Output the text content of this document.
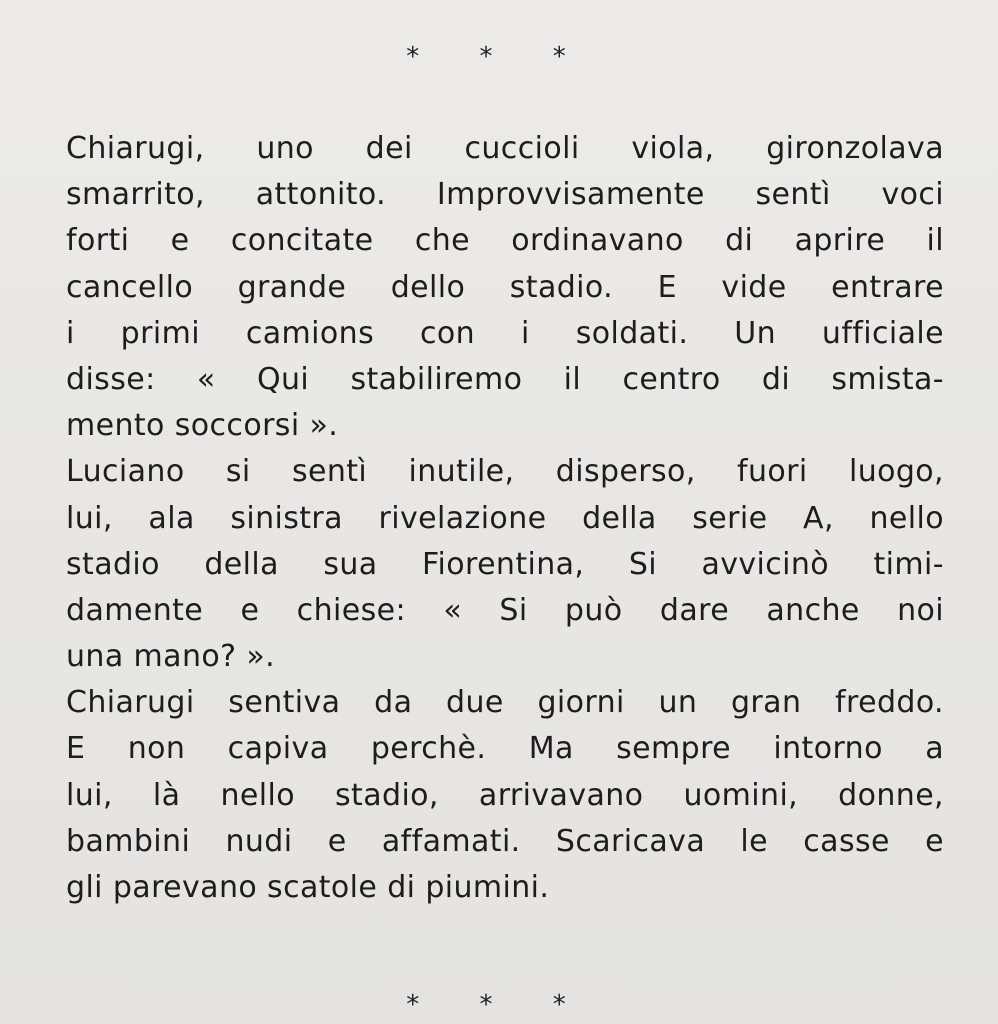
* * *
Chiarugi, uno dei cuccioli viola, gironzolava
smarrito, attonito. Improvvisamente sentì voci
forti e concitate che ordinavano di aprire il
cancello grande dello stadio. E vide entrare
i primi camions con i soldati. Un ufficiale
disse: « Qui stabiliremo il centro di smista-
mento soccorsi ».
Luciano si sentì inutile, disperso, fuori luogo,
lui, ala sinistra rivelazione della serie A, nello
stadio della sua Fiorentina, Si avvicinò timi-
damente e chiese: « Si può dare anche noi
una mano? ».
Chiarugi sentiva da due giorni un gran freddo.
E non capiva perchè. Ma sempre intorno a
lui, là nello stadio, arrivavano uomini, donne,
bambini nudi e affamati. Scaricava le casse e
gli parevano scatole di piumini.
* * *
